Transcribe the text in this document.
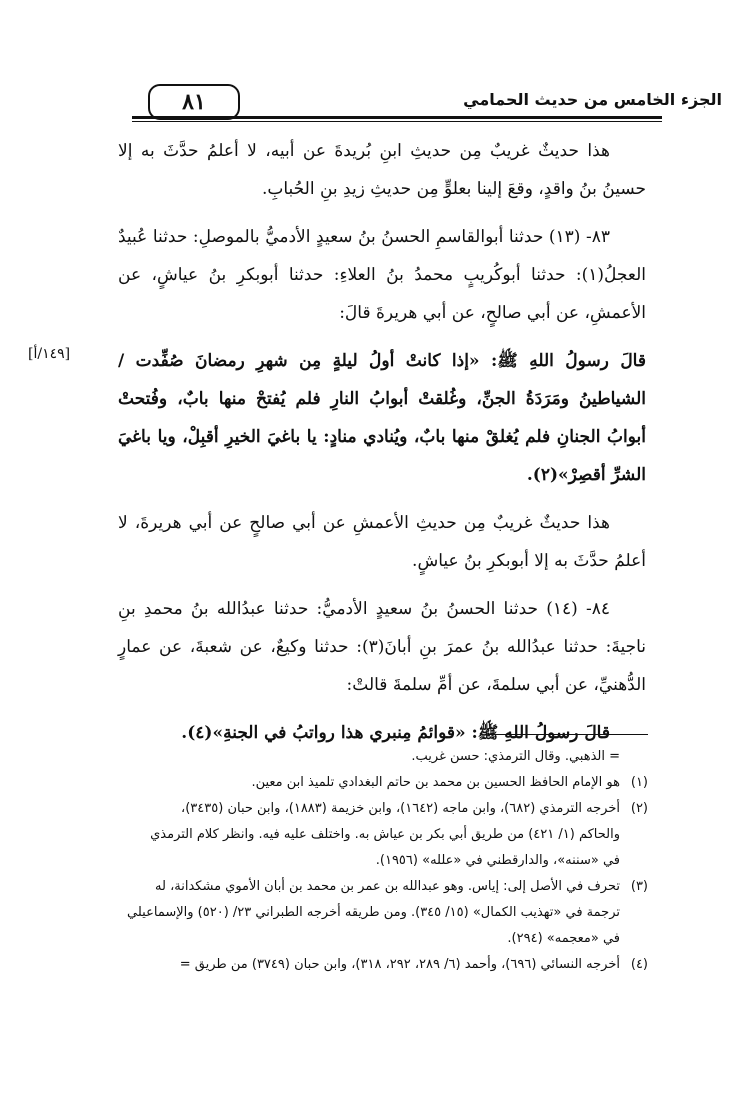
٨١	الجزء الخامس من حديث الحمامي

هذا حديثٌ غريبٌ مِن حديثِ ابنِ بُريدةَ عن أبيه، لا أعلمُ حدَّثَ به إلا حسينُ بنُ واقدٍ، وقعَ إلينا بعلوٍّ مِن حديثِ زيدِ بنِ الحُبابِ.

٨٣- (١٣) حدثنا أبوالقاسمِ الحسنُ بنُ سعيدٍ الأدميُّ بالموصلِ: حدثنا عُبيدٌ العجلُ(١): حدثنا أبوكُريبٍ محمدُ بنُ العلاءِ: حدثنا أبوبكرِ بنُ عياشٍ، عن الأعمشِ، عن أبي صالحٍ، عن أبي هريرةَ قالَ:

قالَ رسولُ اللهِ ﷺ: «إذا كانتْ أولُ ليلةٍ مِن شهرِ رمضانَ صُفِّدت / الشياطينُ ومَرَدَةُ الجنِّ، وغُلقتْ أبوابُ النارِ فلم يُفتحْ منها بابٌ، وفُتحتْ أبوابُ الجنانِ فلم يُغلقْ منها بابٌ، ويُنادي منادٍ: يا باغيَ الخيرِ أقبِلْ، ويا باغيَ الشرِّ أقصِرْ»(٢).

هذا حديثٌ غريبٌ مِن حديثِ الأعمشِ عن أبي صالحٍ عن أبي هريرةَ، لا أعلمُ حدَّثَ به إلا أبوبكرِ بنُ عياشٍ.

٨٤- (١٤) حدثنا الحسنُ بنُ سعيدٍ الأدميُّ: حدثنا عبدُالله بنُ محمدِ بنِ ناجيةَ: حدثنا عبدُالله بنُ عمرَ بنِ أبانَ(٣): حدثنا وكيعٌ، عن شعبةَ، عن عمارٍ الدُّهنيِّ، عن أبي سلمةَ، عن أمِّ سلمةَ قالتْ:

قالَ رسولُ اللهِ ﷺ: «قوائمُ مِنبري هذا رواتبُ في الجنةِ»(٤).

[١٤٩/أ]

= الذهبي. وقال الترمذي: حسن غريب.

(١)هو الإمام الحافظ الحسين بن محمد بن حاتم البغدادي تلميذ ابن معين.

(٢)أخرجه الترمذي (٦٨٢)، وابن ماجه (١٦٤٢)، وابن خزيمة (١٨٨٣)، وابن حبان (٣٤٣٥)،

والحاكم (١/ ٤٢١) من طريق أبي بكر بن عياش به. واختلف عليه فيه. وانظر كلام الترمذي

في «سننه»، والدارقطني في «علله» (١٩٥٦).

(٣)تحرف في الأصل إلى: إياس. وهو عبدالله بن عمر بن محمد بن أبان الأموي مشكدانة، له

ترجمة في «تهذيب الكمال» (١٥/ ٣٤٥). ومن طريقه أخرجه الطبراني ٢٣/ (٥٢٠) والإسماعيلي

في «معجمه» (٢٩٤).

(٤)أخرجه النسائي (٦٩٦)، وأحمد (٦/ ٢٨٩، ٢٩٢، ٣١٨)، وابن حبان (٣٧٤٩) من طريق =
